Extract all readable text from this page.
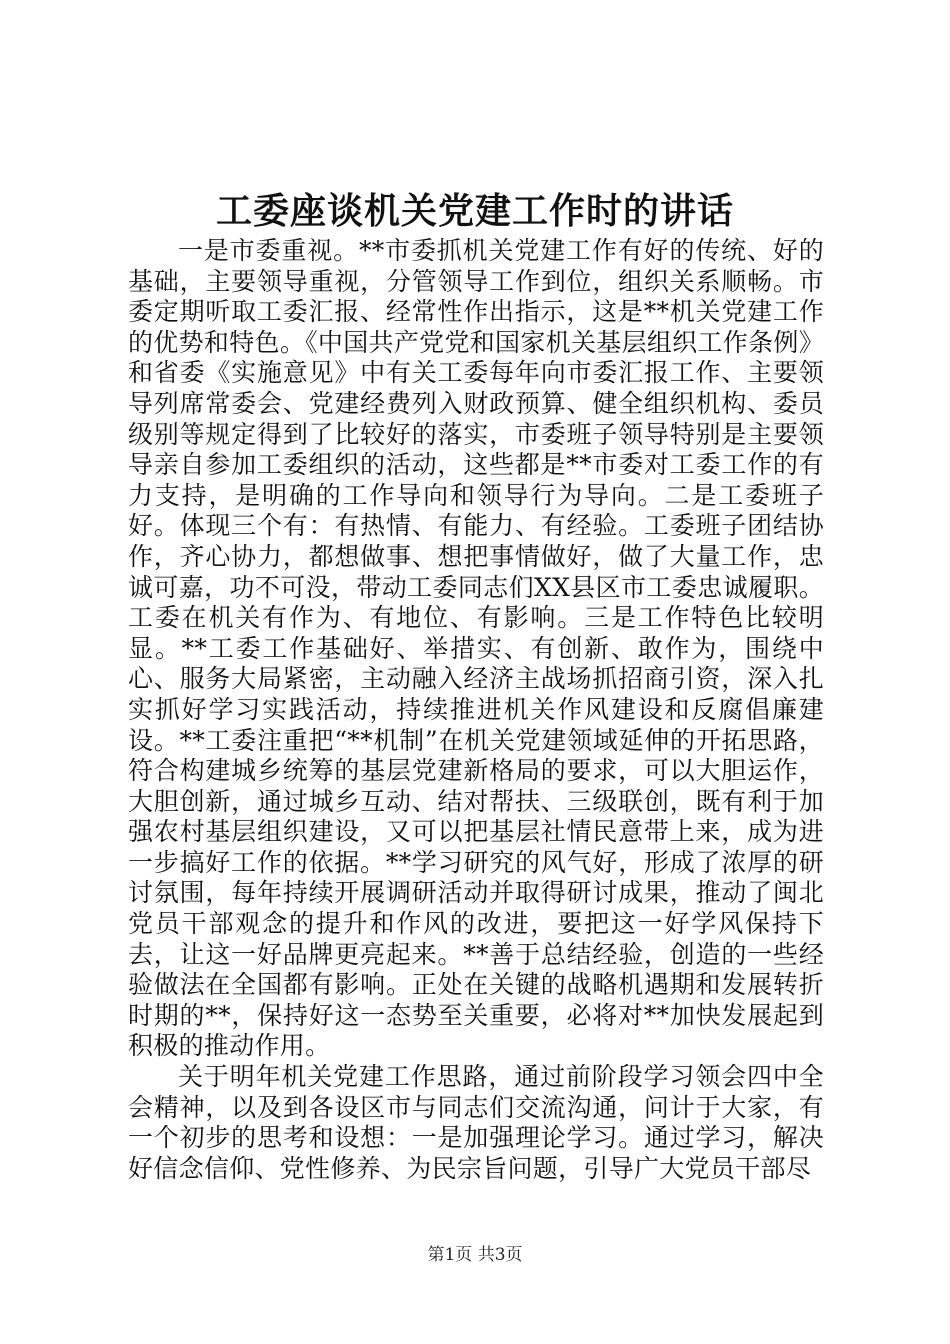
工委座谈机关党建工作时的讲话

一是市委重视。**市委抓机关党建工作有好的传统、好的基础，主要领导重视，分管领导工作到位，组织关系顺畅。市委定期听取工委汇报、经常性作出指示，这是**机关党建工作的优势和特色。《中国共产党党和国家机关基层组织工作条例》和省委《实施意见》中有关工委每年向市委汇报工作、主要领导列席常委会、党建经费列入财政预算、健全组织机构、委员级别等规定得到了比较好的落实，市委班子领导特别是主要领导亲自参加工委组织的活动，这些都是**市委对工委工作的有力支持，是明确的工作导向和领导行为导向。二是工委班子好。体现三个有：有热情、有能力、有经验。工委班子团结协作，齐心协力，都想做事、想把事情做好，做了大量工作，忠诚可嘉，功不可没，带动工委同志们XX县区市工委忠诚履职。工委在机关有作为、有地位、有影响。三是工作特色比较明显。**工委工作基础好、举措实、有创新、敢作为，围绕中心、服务大局紧密，主动融入经济主战场抓招商引资，深入扎实抓好学习实践活动，持续推进机关作风建设和反腐倡廉建设。**工委注重把“**机制”在机关党建领域延伸的开拓思路，符合构建城乡统筹的基层党建新格局的要求，可以大胆运作，大胆创新，通过城乡互动、结对帮扶、三级联创，既有利于加强农村基层组织建设，又可以把基层社情民意带上来，成为进一步搞好工作的依据。**学习研究的风气好，形成了浓厚的研讨氛围，每年持续开展调研活动并取得研讨成果，推动了闽北党员干部观念的提升和作风的改进，要把这一好学风保持下去，让这一好品牌更亮起来。**善于总结经验，创造的一些经验做法在全国都有影响。正处在关键的战略机遇期和发展转折时期的**，保持好这一态势至关重要，必将对**加快发展起到积极的推动作用。

关于明年机关党建工作思路，通过前阶段学习领会四中全会精神，以及到各设区市与同志们交流沟通，问计于大家，有一个初步的思考和设想：一是加强理论学习。通过学习，解决好信念信仰、党性修养、为民宗旨问题，引导广大党员干部尽

第1页 共3页
